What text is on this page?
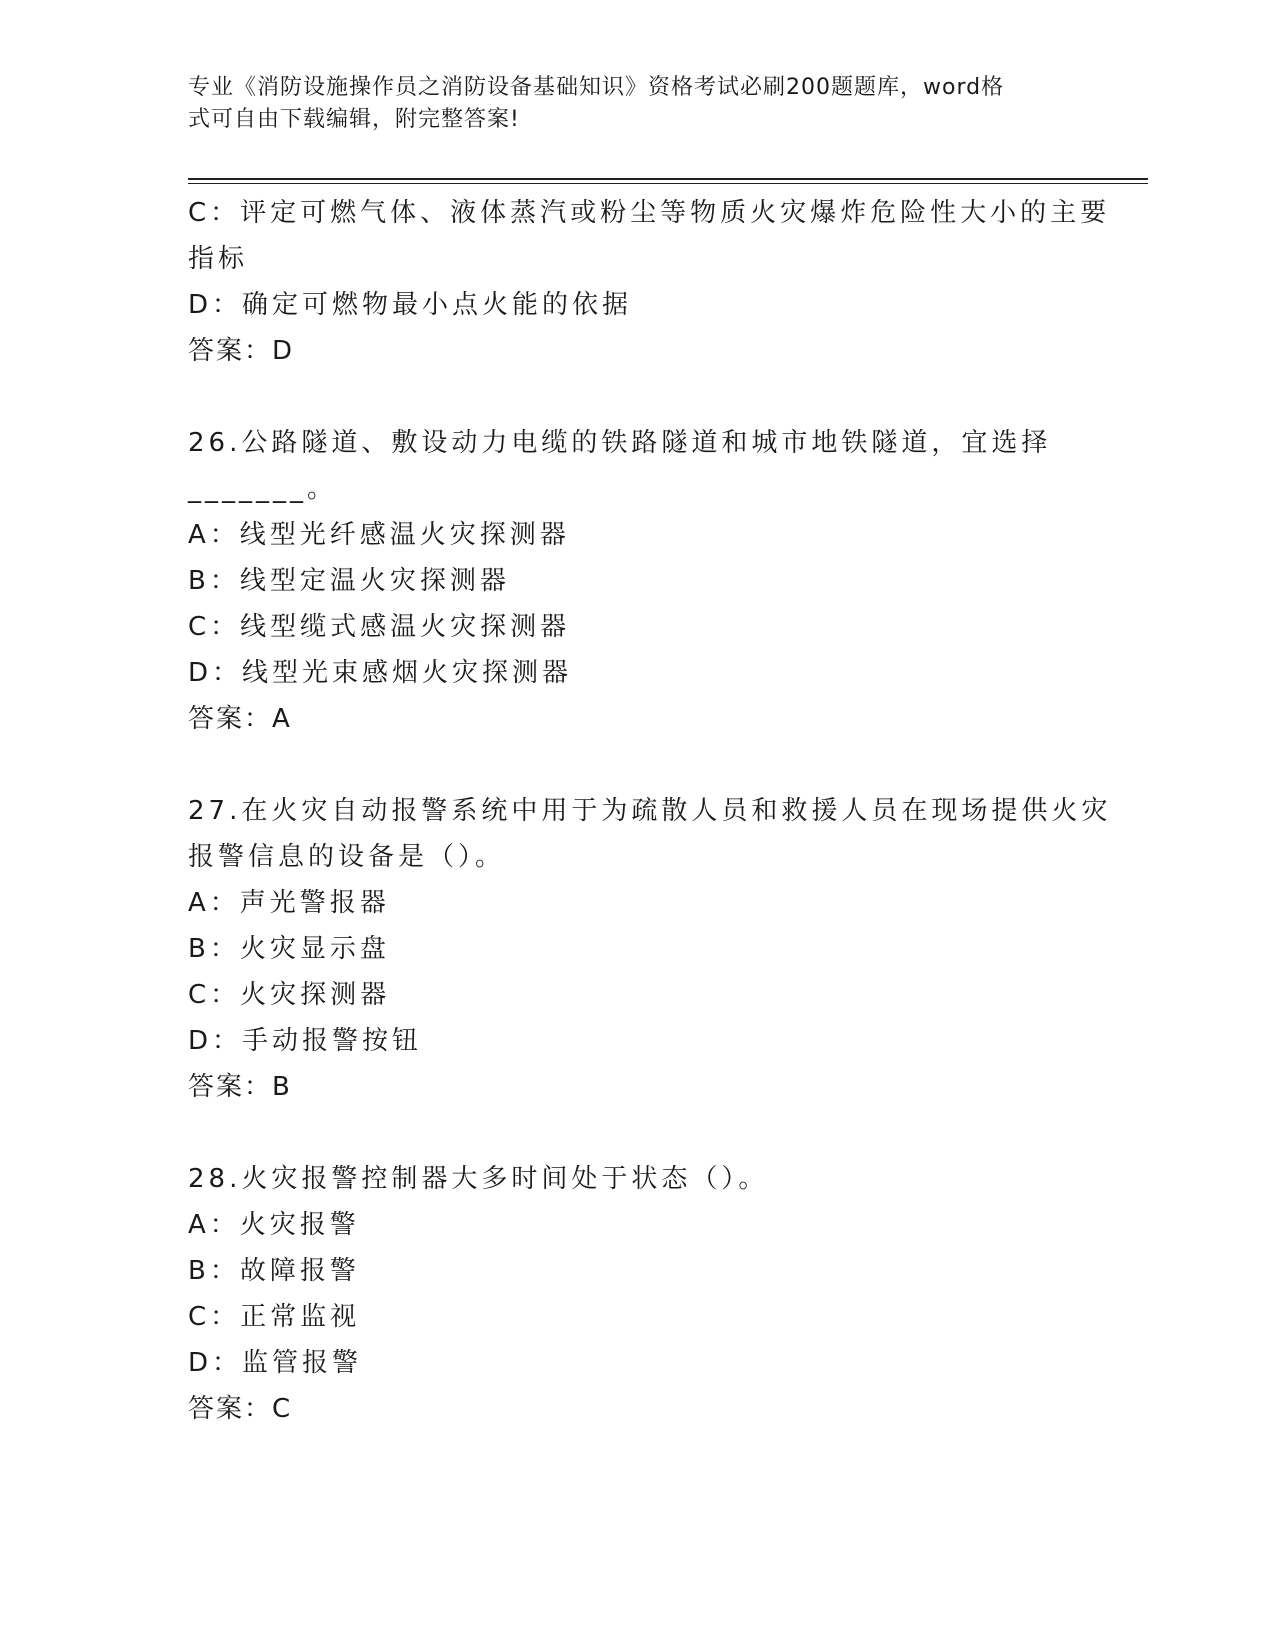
专业《消防设施操作员之消防设备基础知识》资格考试必刷200题题库，word格
式可自由下载编辑，附完整答案!
C：评定可燃气体、液体蒸汽或粉尘等物质火灾爆炸危险性大小的主要
指标
D：确定可燃物最小点火能的依据
答案：D
26.公路隧道、敷设动力电缆的铁路隧道和城市地铁隧道，宜选择
_______。
A：线型光纤感温火灾探测器
B：线型定温火灾探测器
C：线型缆式感温火灾探测器
D：线型光束感烟火灾探测器
答案：A
27.在火灾自动报警系统中用于为疏散人员和救援人员在现场提供火灾
报警信息的设备是（）。
A：声光警报器
B：火灾显示盘
C：火灾探测器
D：手动报警按钮
答案：B
28.火灾报警控制器大多时间处于状态（）。
A：火灾报警
B：故障报警
C：正常监视
D：监管报警
答案：C
